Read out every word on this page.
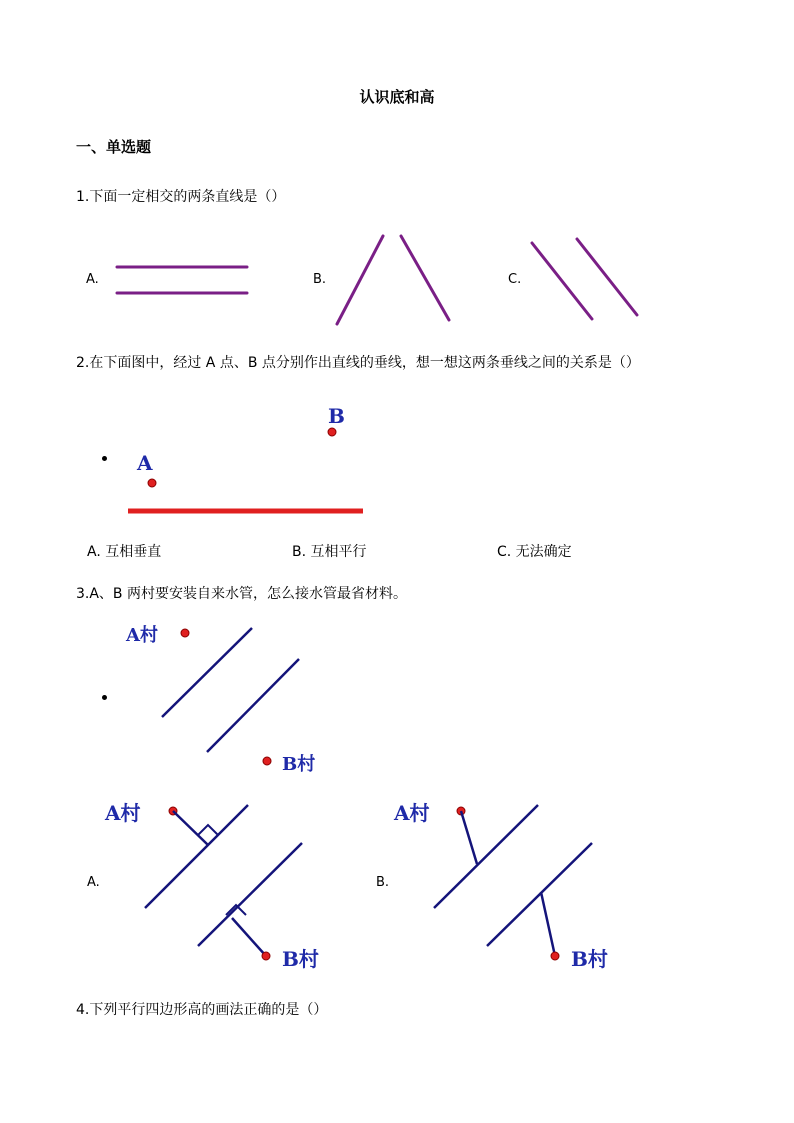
认识底和高
一、单选题
1.下面一定相交的两条直线是（）
A.	B.	C.
2.在下面图中，经过 A 点、B 点分别作出直线的垂线，想一想这两条垂线之间的关系是（）
B
A
A. 互相垂直	B. 互相平行	C. 无法确定
3.A、B 两村要安装自来水管，怎么接水管最省材料。
A村
B村
A村
B村
A村
B村
A.	B.
4.下列平行四边形高的画法正确的是（）
